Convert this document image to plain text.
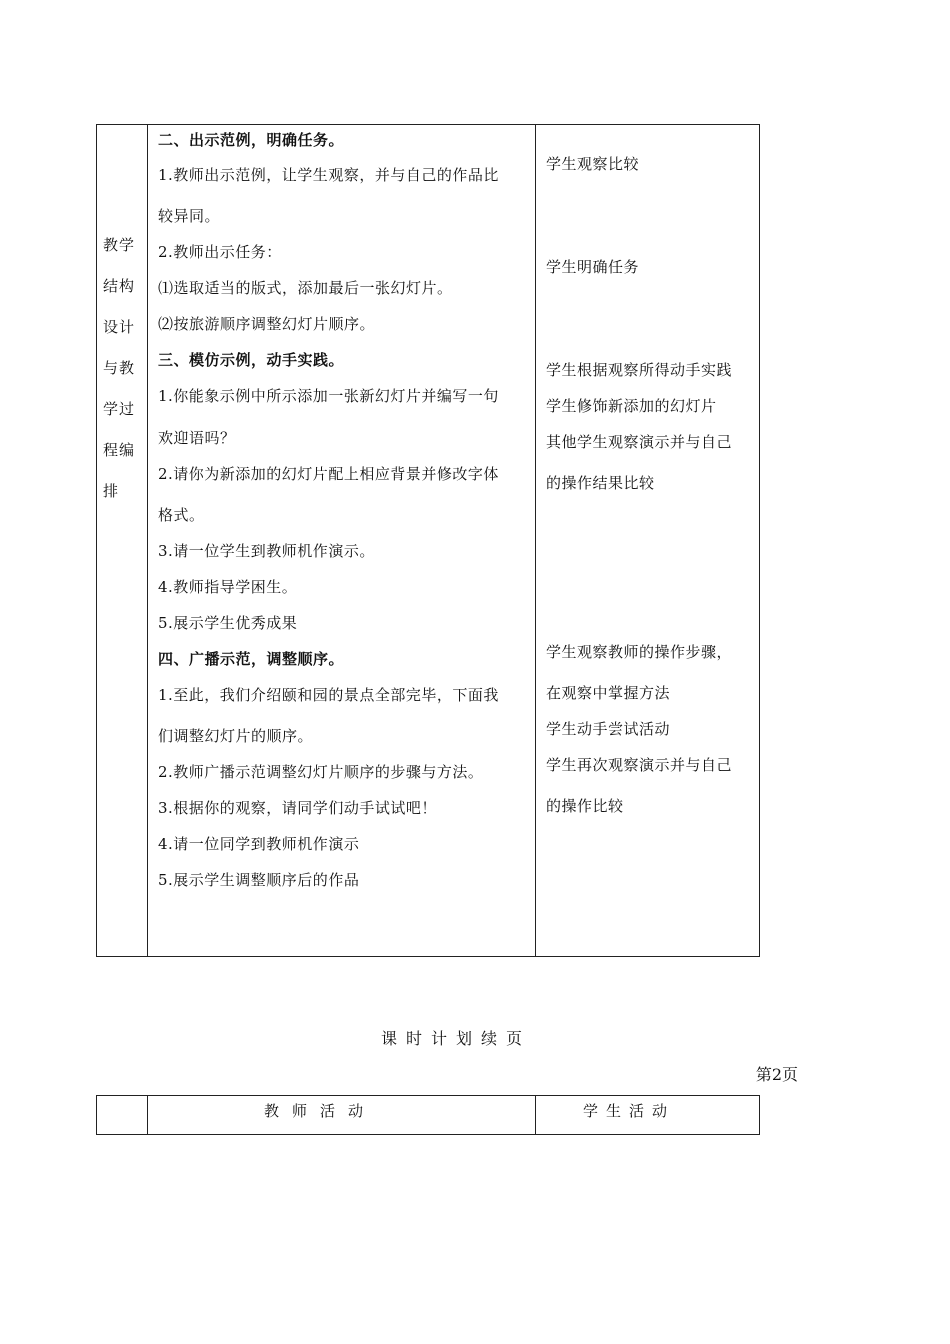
教学
结构
设计
与教
学过
程编
排
二、出示范例，明确任务。
1.教师出示范例，让学生观察，并与自己的作品比
较异同。
2.教师出示任务：
⑴选取适当的版式，添加最后一张幻灯片。
⑵按旅游顺序调整幻灯片顺序。
三、模仿示例，动手实践。
1.你能象示例中所示添加一张新幻灯片并编写一句
欢迎语吗？
2.请你为新添加的幻灯片配上相应背景并修改字体
格式。
3.请一位学生到教师机作演示。
4.教师指导学困生。
5.展示学生优秀成果
四、广播示范，调整顺序。
1.至此，我们介绍颐和园的景点全部完毕，下面我
们调整幻灯片的顺序。
2.教师广播示范调整幻灯片顺序的步骤与方法。
3.根据你的观察，请同学们动手试试吧！
4.请一位同学到教师机作演示
5.展示学生调整顺序后的作品
学生观察比较
学生明确任务
学生根据观察所得动手实践
学生修饰新添加的幻灯片
其他学生观察演示并与自己
的操作结果比较
学生观察教师的操作步骤，
在观察中掌握方法
学生动手尝试活动
学生再次观察演示并与自己
的操作比较
课时计划续页
第2页
教师活动	学生活动
